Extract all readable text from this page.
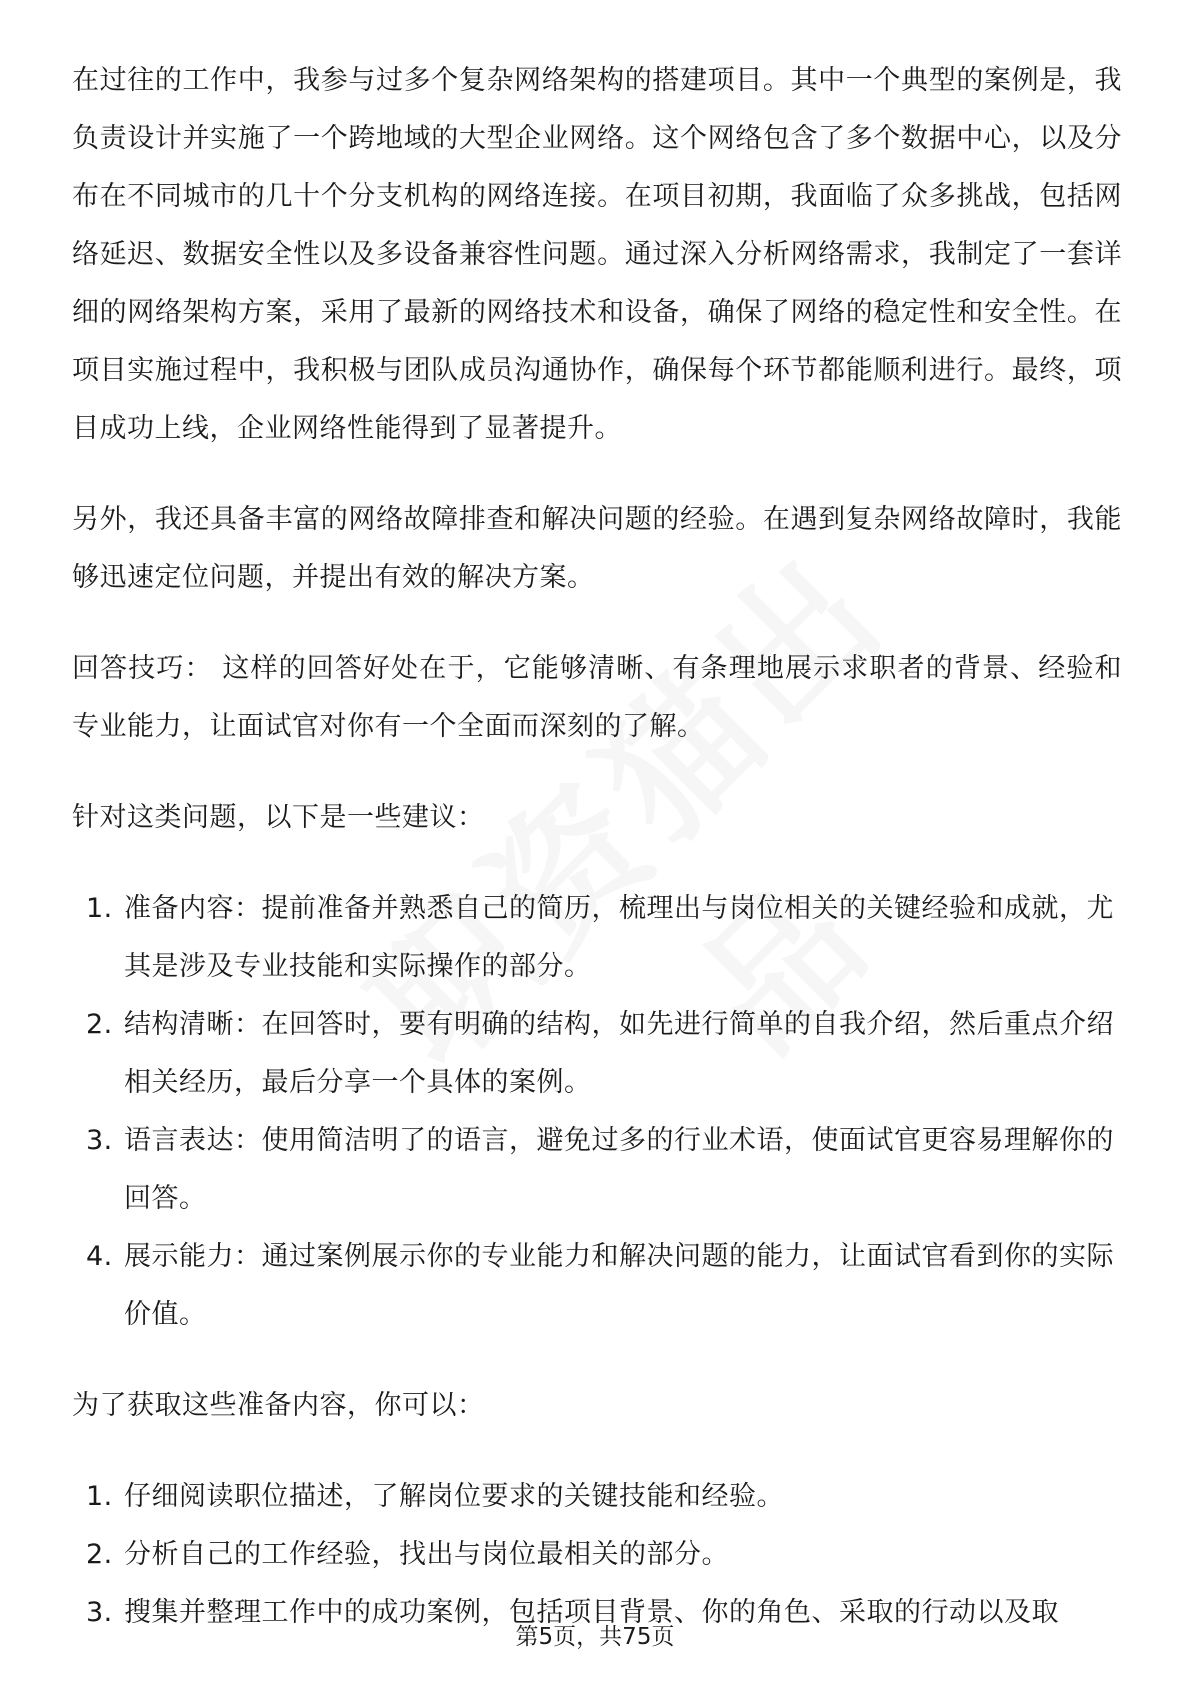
在过往的工作中，我参与过多个复杂网络架构的搭建项目。其中一个典型的案例是，我负责设计并实施了一个跨地域的大型企业网络。这个网络包含了多个数据中心，以及分布在不同城市的几十个分支机构的网络连接。在项目初期，我面临了众多挑战，包括网络延迟、数据安全性以及多设备兼容性问题。通过深入分析网络需求，我制定了一套详细的网络架构方案，采用了最新的网络技术和设备，确保了网络的稳定性和安全性。在项目实施过程中，我积极与团队成员沟通协作，确保每个环节都能顺利进行。最终，项目成功上线，企业网络性能得到了显著提升。

另外，我还具备丰富的网络故障排查和解决问题的经验。在遇到复杂网络故障时，我能够迅速定位问题，并提出有效的解决方案。

回答技巧： 这样的回答好处在于，它能够清晰、有条理地展示求职者的背景、经验和专业能力，让面试官对你有一个全面而深刻的了解。

针对这类问题，以下是一些建议：

1. 准备内容：提前准备并熟悉自己的简历，梳理出与岗位相关的关键经验和成就，尤其是涉及专业技能和实际操作的部分。
2. 结构清晰：在回答时，要有明确的结构，如先进行简单的自我介绍，然后重点介绍相关经历，最后分享一个具体的案例。
3. 语言表达：使用简洁明了的语言，避免过多的行业术语，使面试官更容易理解你的回答。
4. 展示能力：通过案例展示你的专业能力和解决问题的能力，让面试官看到你的实际价值。

为了获取这些准备内容，你可以：

1. 仔细阅读职位描述，了解岗位要求的关键技能和经验。
2. 分析自己的工作经验，找出与岗位最相关的部分。
3. 搜集并整理工作中的成功案例，包括项目背景、你的角色、采取的行动以及取
第5页，共75页
